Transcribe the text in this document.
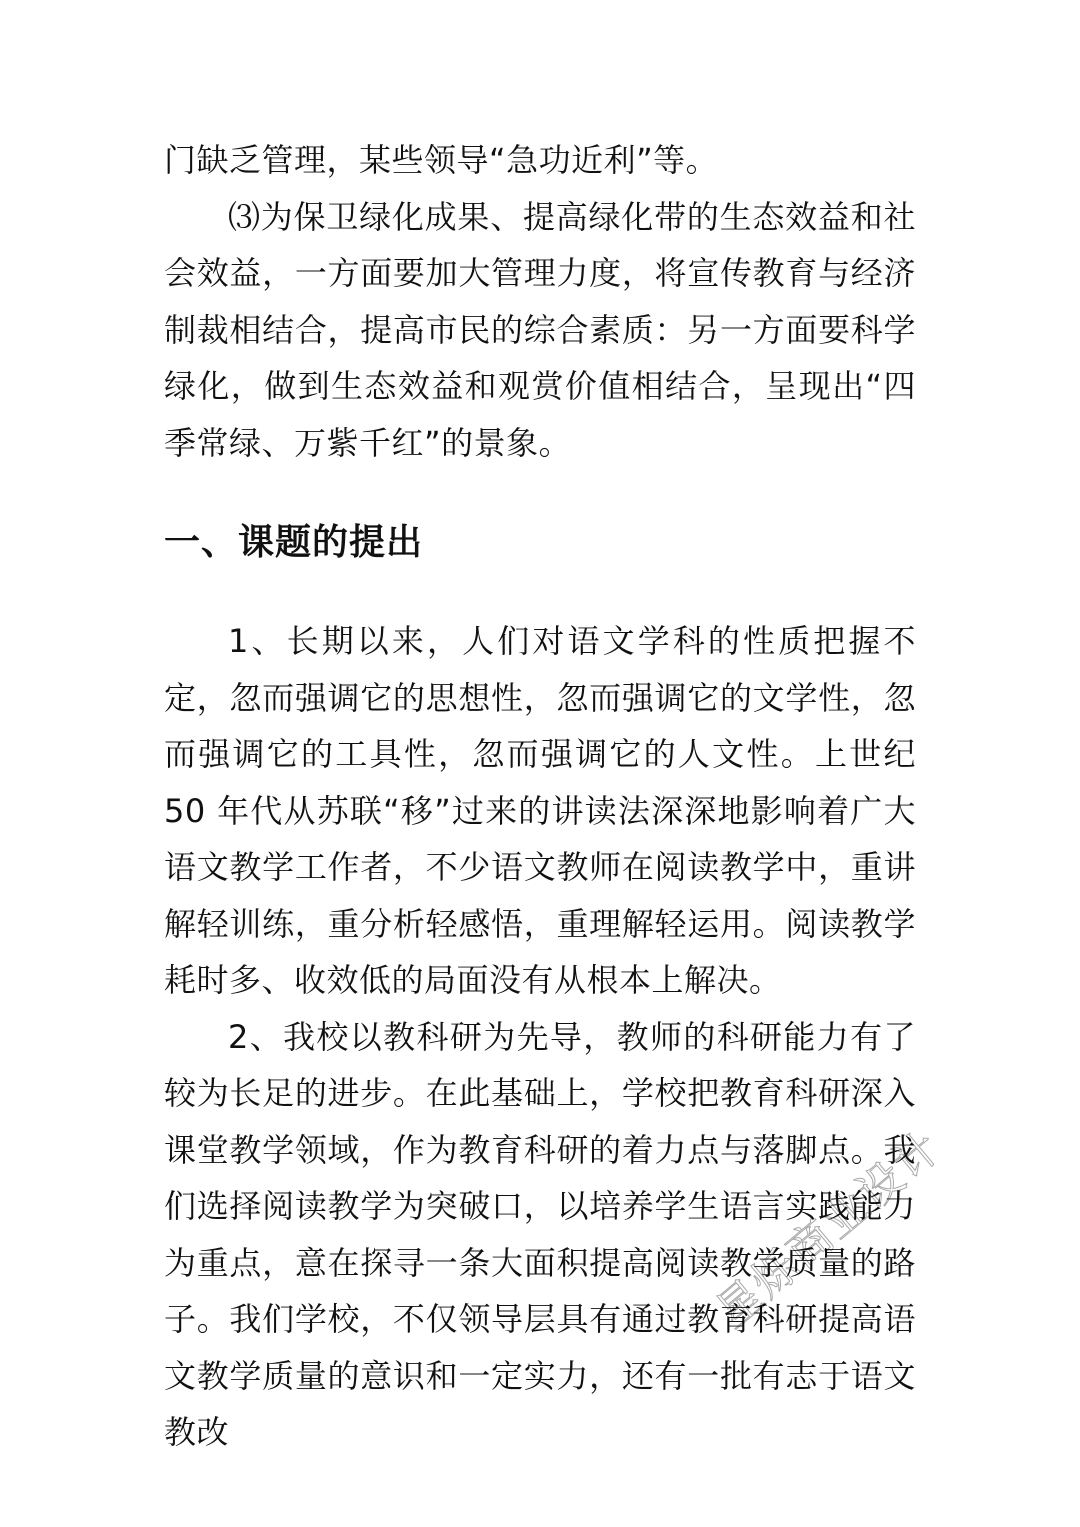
门缺乏管理，某些领导“急功近利”等。

⑶为保卫绿化成果、提高绿化带的生态效益和社会效益，一方面要加大管理力度，将宣传教育与经济制裁相结合，提高市民的综合素质：另一方面要科学绿化，做到生态效益和观赏价值相结合，呈现出“四季常绿、万紫千红”的景象。

一、课题的提出

1、长期以来，人们对语文学科的性质把握不定，忽而强调它的思想性，忽而强调它的文学性，忽而强调它的工具性，忽而强调它的人文性。上世纪 50 年代从苏联“移”过来的讲读法深深地影响着广大语文教学工作者，不少语文教师在阅读教学中，重讲解轻训练，重分析轻感悟，重理解轻运用。阅读教学耗时多、收效低的局面没有从根本上解决。

2、我校以教科研为先导，教师的科研能力有了较为长足的进步。在此基础上，学校把教育科研深入课堂教学领域，作为教育科研的着力点与落脚点。我们选择阅读教学为突破口，以培养学生语言实践能力为重点，意在探寻一条大面积提高阅读教学质量的路子。我们学校，不仅领导层具有通过教育科研提高语文教学质量的意识和一定实力，还有一批有志于语文教改

星烁商业设计
